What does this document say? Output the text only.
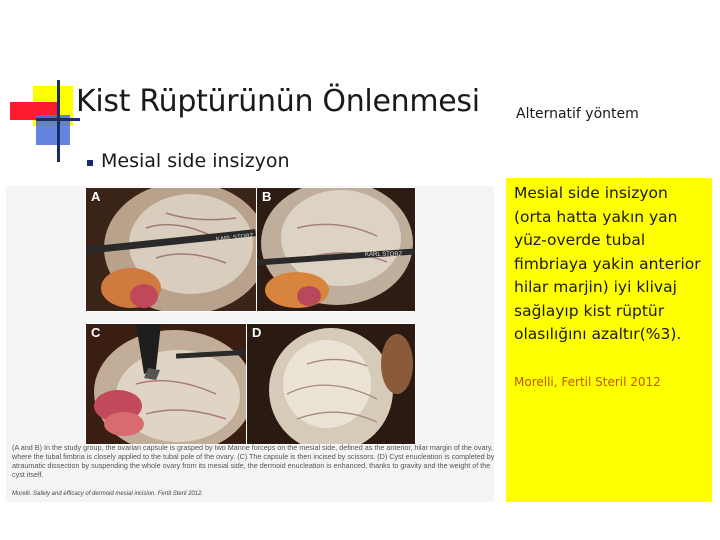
Kist Rüptürünün Önlenmesi	Alternatif yöntem
Mesial side insizyon
KARL STORZ
A
KARL STORZ
B
C	D
(A and B) In the study group, the ovarian capsule is grasped by two Manne forceps on the mesial side, defined as the anterior, hilar margin of the ovary, where the tubal fimbria is closely applied to the tubal pole of the ovary. (C) The capsule is then incised by scissors. (D) Cyst enucleation is completed by atraumatic dissection by suspending the whole ovary from its mesial side, the dermoid enucleation is enhanced, thanks to gravity and the weight of the cyst itself.
Morelli. Safety and efficacy of dermoid mesial incision. Fertil Steril 2012.
Mesial side insizyon (orta hatta yakın yan yüz-overde tubal fimbriaya yakin anterior hilar marjin) iyi klivaj sağlayıp kist rüptür olasılığını azaltır(%3).
Morelli, Fertil Steril 2012
